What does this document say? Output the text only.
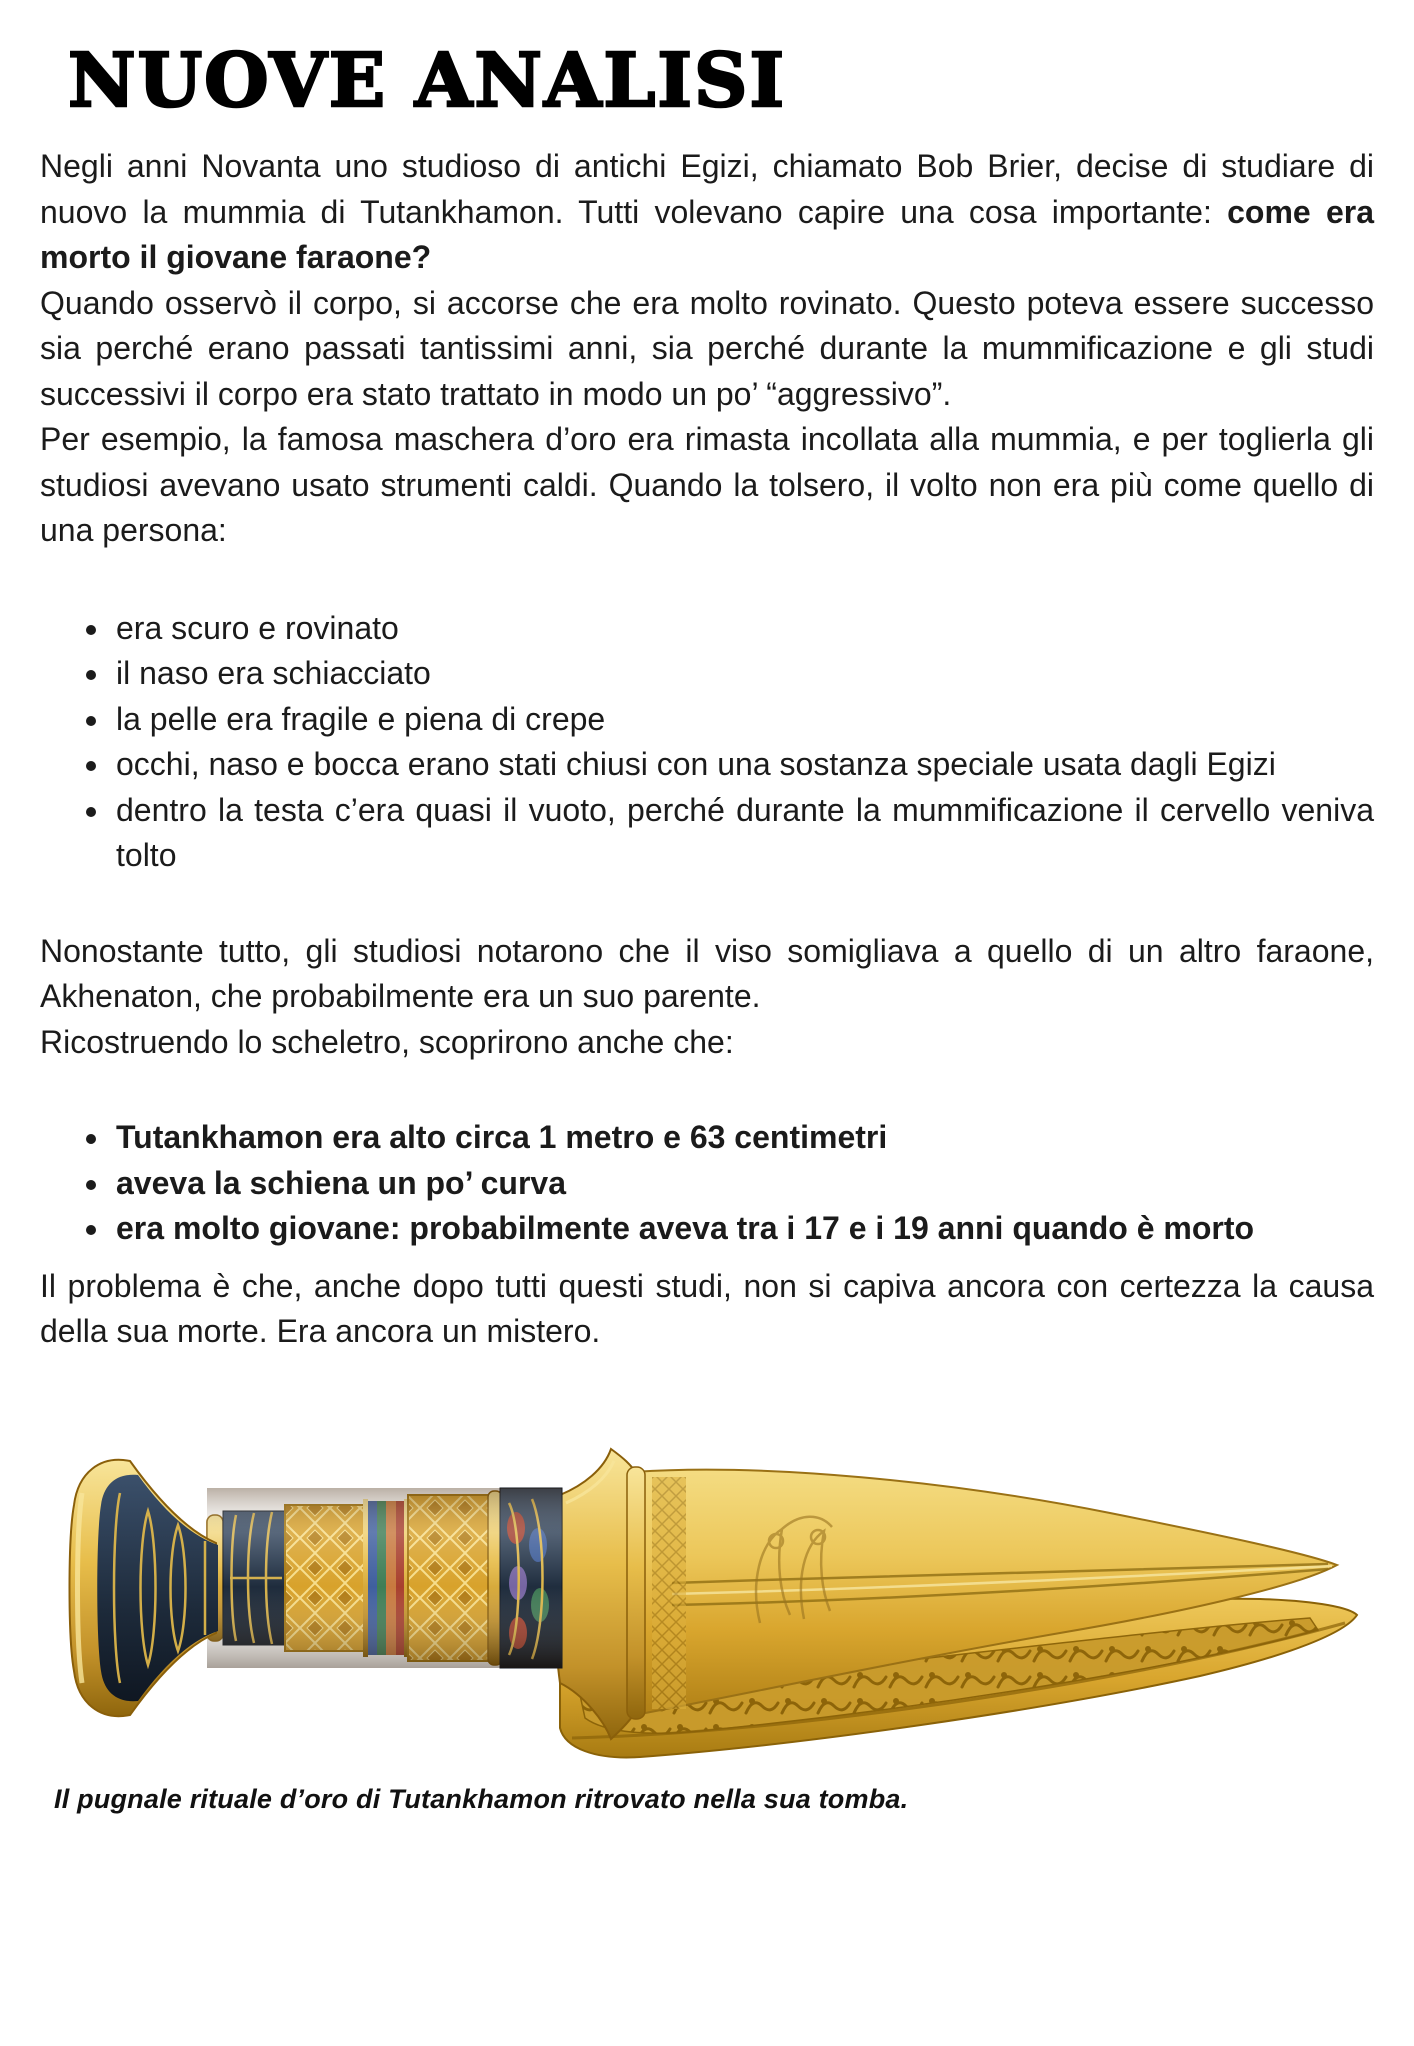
NUOVE ANALISI

Negli anni Novanta uno studioso di antichi Egizi, chiamato Bob Brier, decise di studiare di nuovo la mummia di Tutankhamon. Tutti volevano capire una cosa importante: come era morto il giovane faraone?

Quando osservò il corpo, si accorse che era molto rovinato. Questo poteva essere successo sia perché erano passati tantissimi anni, sia perché durante la mummificazione e gli studi successivi il corpo era stato trattato in modo un po’ “aggressivo”.

Per esempio, la famosa maschera d’oro era rimasta incollata alla mummia, e per toglierla gli studiosi avevano usato strumenti caldi. Quando la tolsero, il volto non era più come quello di una persona:

• era scuro e rovinato
• il naso era schiacciato
• la pelle era fragile e piena di crepe
• occhi, naso e bocca erano stati chiusi con una sostanza speciale usata dagli Egizi
• dentro la testa c’era quasi il vuoto, perché durante la mummificazione il cervello veniva tolto

Nonostante tutto, gli studiosi notarono che il viso somigliava a quello di un altro faraone, Akhenaton, che probabilmente era un suo parente.

Ricostruendo lo scheletro, scoprirono anche che:

• Tutankhamon era alto circa 1 metro e 63 centimetri
• aveva la schiena un po’ curva
• era molto giovane: probabilmente aveva tra i 17 e i 19 anni quando è morto

Il problema è che, anche dopo tutti questi studi, non si capiva ancora con certezza la causa della sua morte. Era ancora un mistero.

Il pugnale rituale d’oro di Tutankhamon ritrovato nella sua tomba.
